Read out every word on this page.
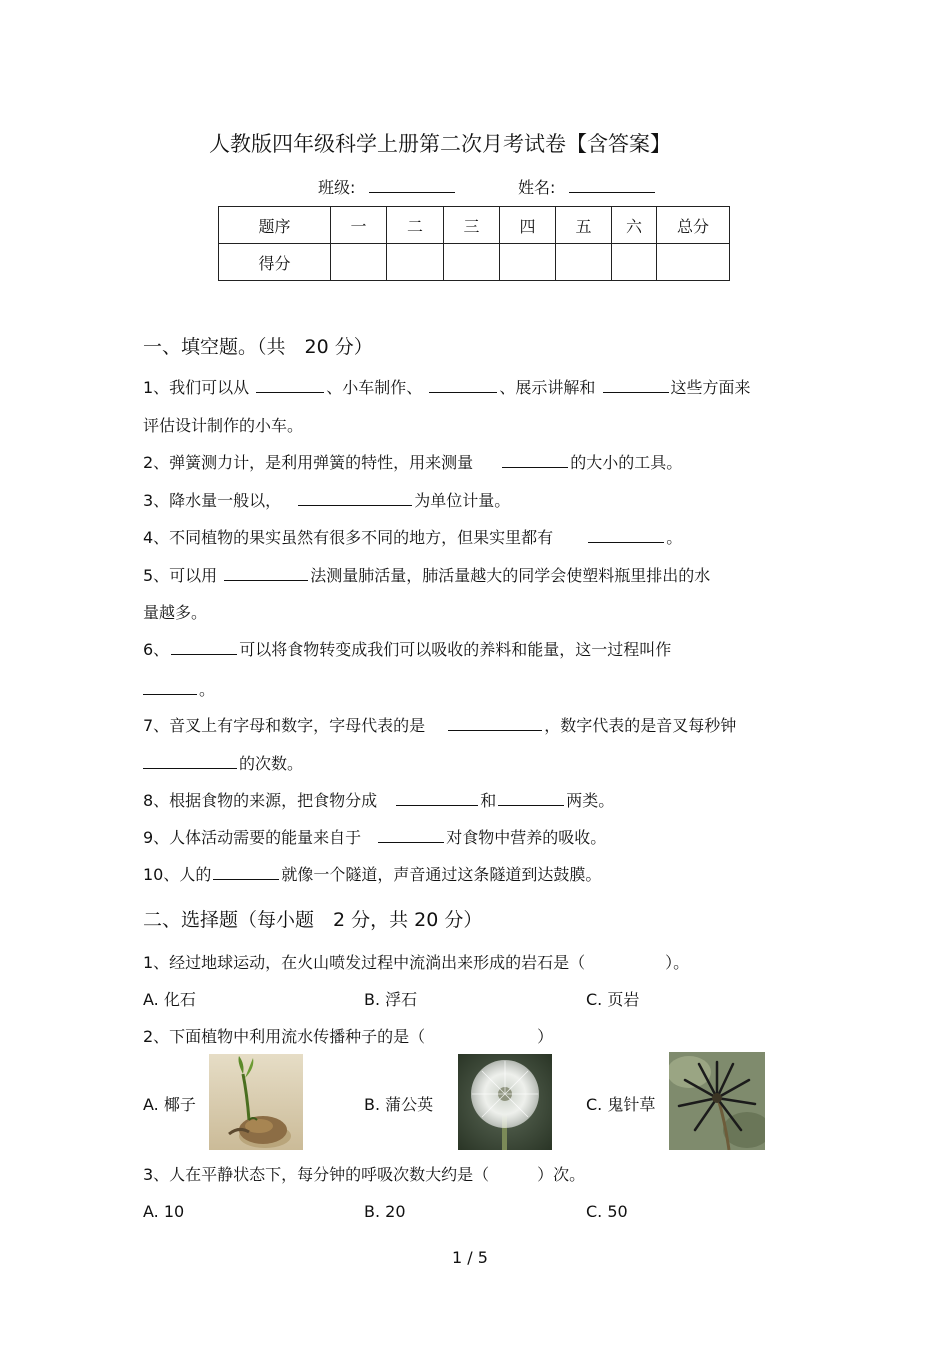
人教版四年级科学上册第二次月考试卷【含答案】
班级:	姓名:
题序	一	二	三	四	五	六	总分
得分							
一、填空题。（共　20 分）
1、我们可以从	、小车制作、	、展示讲解和	这些方面来
评估设计制作的小车。
2、弹簧测力计，是利用弹簧的特性，用来测量	的大小的工具。
3、降水量一般以，	为单位计量。
4、不同植物的果实虽然有很多不同的地方，但果实里都有	。
5、可以用	法测量肺活量，肺活量越大的同学会使塑料瓶里排出的水
量越多。
6、	可以将食物转变成我们可以吸收的养料和能量，这一过程叫作
。
7、音叉上有字母和数字，字母代表的是	，数字代表的是音叉每秒钟
的次数。
8、根据食物的来源，把食物分成	和	两类。
9、人体活动需要的能量来自于	对食物中营养的吸收。
10、人的	就像一个隧道，声音通过这条隧道到达鼓膜。
二、选择题（每小题　2 分，共 20 分）
1、经过地球运动，在火山喷发过程中流淌出来形成的岩石是（　　　　　）。
A. 化石	B. 浮石	C. 页岩
2、下面植物中利用流水传播种子的是（　　　　　　　）
A. 椰子	B. 蒲公英	C. 鬼针草
3、人在平静状态下，每分钟的呼吸次数大约是（　　　）次。
A. 10	B. 20	C. 50
1 / 5
